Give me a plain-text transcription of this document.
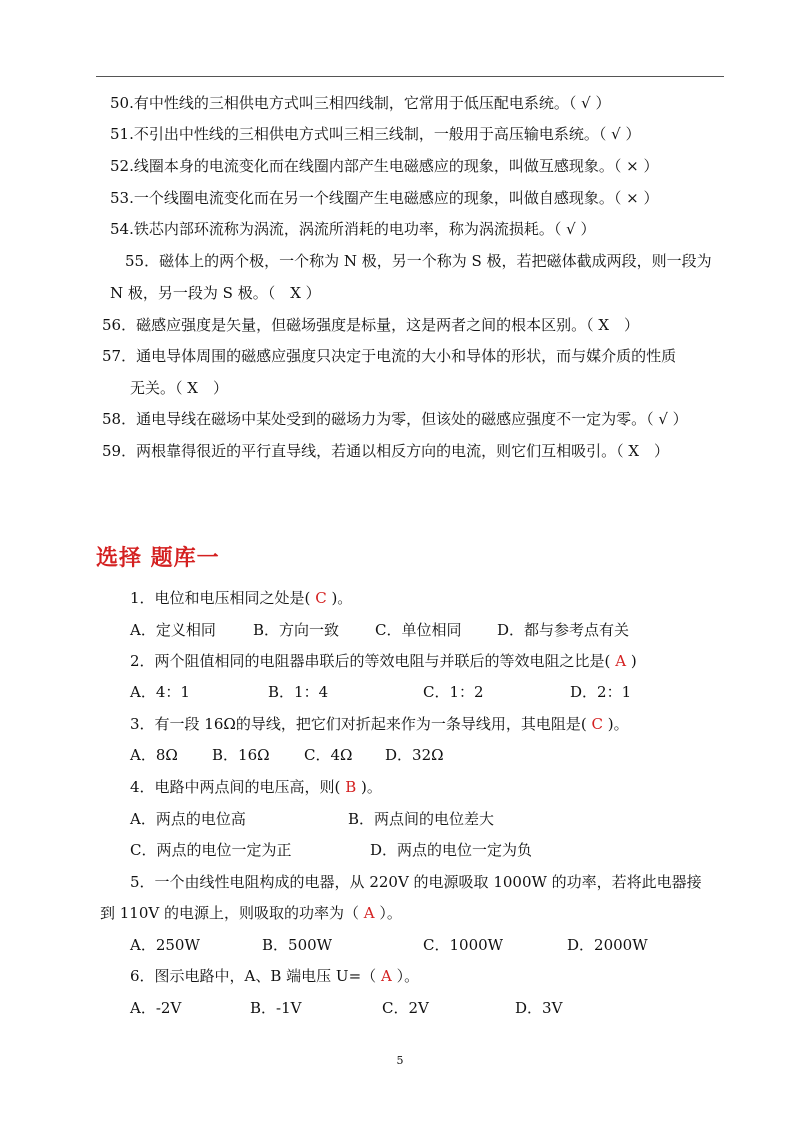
50.有中性线的三相供电方式叫三相四线制，它常用于低压配电系统。（ √ ）
51.不引出中性线的三相供电方式叫三相三线制，一般用于高压输电系统。（ √ ）
52.线圈本身的电流变化而在线圈内部产生电磁感应的现象，叫做互感现象。（ × ）
53.一个线圈电流变化而在另一个线圈产生电磁感应的现象，叫做自感现象。（ × ）
54.铁芯内部环流称为涡流，涡流所消耗的电功率，称为涡流损耗。（ √ ）
55．磁体上的两个极，一个称为 N 极，另一个称为 S 极，若把磁体截成两段，则一段为
N 极，另一段为 S 极。（　X ）
56．磁感应强度是矢量，但磁场强度是标量，这是两者之间的根本区别。（ X　）
57．通电导体周围的磁感应强度只决定于电流的大小和导体的形状，而与媒介质的性质
无关。（ X　）
58．通电导线在磁场中某处受到的磁场力为零，但该处的磁感应强度不一定为零。（ √ ）
59．两根靠得很近的平行直导线，若通以相反方向的电流，则它们互相吸引。（ X　）
选择 题库一
1．电位和电压相同之处是( C )。
A．定义相同 B．方向一致 C．单位相同 D．都与参考点有关
2．两个阻值相同的电阻器串联后的等效电阻与并联后的等效电阻之比是( A )
A．4：1	B．1：4	C．1：2	D．2：1
3．有一段 16Ω的导线，把它们对折起来作为一条导线用，其电阻是( C )。
A．8Ω B．16Ω C．4Ω D．32Ω
4．电路中两点间的电压高，则( B )。
A．两点的电位高	B．两点间的电位差大
C．两点的电位一定为正	D．两点的电位一定为负
5．一个由线性电阻构成的电器，从 220V 的电源吸取 1000W 的功率，若将此电器接
到 110V 的电源上，则吸取的功率为（ A ）。
A．250W	B．500W	C．1000W	D．2000W
6．图示电路中，A、B 端电压 U=（ A ）。
A．-2V	B．-1V	C．2V	D．3V
5
